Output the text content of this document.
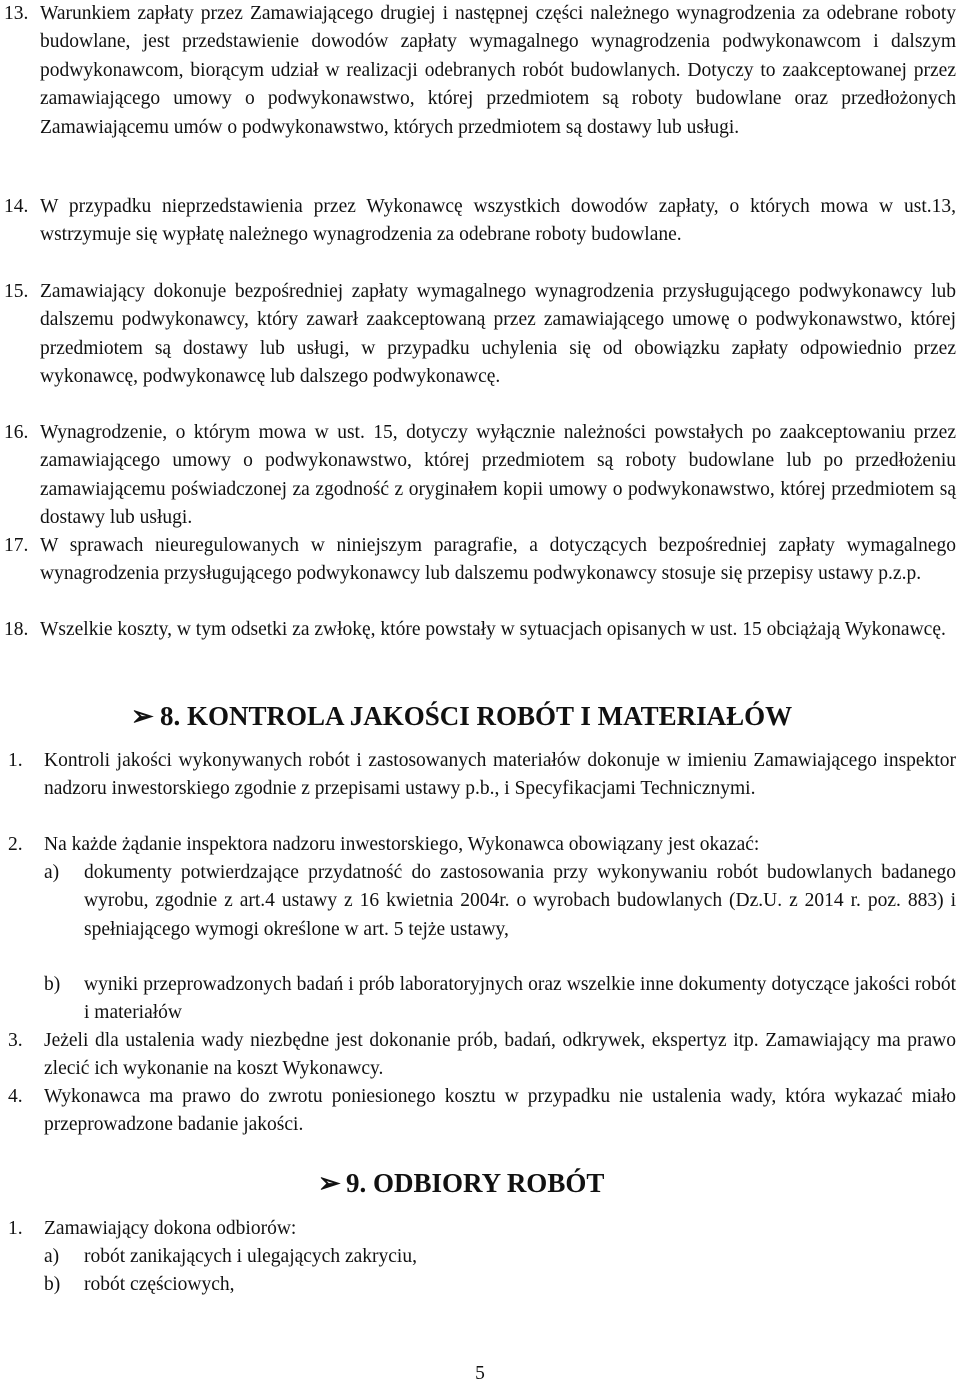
13. Warunkiem zapłaty przez Zamawiającego drugiej i następnej części należnego wynagrodzenia za odebrane roboty budowlane, jest przedstawienie dowodów zapłaty wymagalnego wynagrodzenia podwykonawcom i dalszym podwykonawcom, biorącym udział w realizacji odebranych robót budowlanych. Dotyczy to zaakceptowanej przez zamawiającego umowy o podwykonawstwo, której przedmiotem są roboty budowlane oraz przedłożonych Zamawiającemu umów o podwykonawstwo, których przedmiotem są dostawy lub usługi.
14. W przypadku nieprzedstawienia przez Wykonawcę wszystkich dowodów zapłaty, o których mowa w ust.13, wstrzymuje się wypłatę należnego wynagrodzenia za odebrane roboty budowlane.
15. Zamawiający dokonuje bezpośredniej zapłaty wymagalnego wynagrodzenia przysługującego podwykonawcy lub dalszemu podwykonawcy, który zawarł zaakceptowaną przez zamawiającego umowę o podwykonawstwo, której przedmiotem są dostawy lub usługi, w przypadku uchylenia się od obowiązku zapłaty odpowiednio przez wykonawcę, podwykonawcę lub dalszego podwykonawcę.
16. Wynagrodzenie, o którym mowa w ust. 15, dotyczy wyłącznie należności powstałych po zaakceptowaniu przez zamawiającego umowy o podwykonawstwo, której przedmiotem są roboty budowlane lub po przedłożeniu zamawiającemu poświadczonej za zgodność z oryginałem kopii umowy o podwykonawstwo, której przedmiotem są dostawy lub usługi.
17. W sprawach nieuregulowanych w niniejszym paragrafie, a dotyczących bezpośredniej zapłaty wymagalnego wynagrodzenia przysługującego podwykonawcy lub dalszemu podwykonawcy stosuje się przepisy ustawy p.z.p.
18. Wszelkie koszty, w tym odsetki za zwłokę, które powstały w sytuacjach opisanych w ust. 15 obciążają Wykonawcę.
➢ 8. KONTROLA JAKOŚCI ROBÓT I MATERIAŁÓW
1. Kontroli jakości wykonywanych robót i zastosowanych materiałów dokonuje w imieniu Zamawiającego inspektor nadzoru inwestorskiego zgodnie z przepisami ustawy p.b., i Specyfikacjami Technicznymi.
2. Na każde żądanie inspektora nadzoru inwestorskiego, Wykonawca obowiązany jest okazać:
a) dokumenty potwierdzające przydatność do zastosowania przy wykonywaniu robót budowlanych badanego wyrobu, zgodnie z art.4 ustawy z 16 kwietnia 2004r. o wyrobach budowlanych (Dz.U. z 2014 r. poz. 883) i spełniającego wymogi określone w art. 5 tejże ustawy,
b) wyniki przeprowadzonych badań i prób laboratoryjnych oraz wszelkie inne dokumenty dotyczące jakości robót i materiałów
3. Jeżeli dla ustalenia wady niezbędne jest dokonanie prób, badań, odkrywek, ekspertyz itp. Zamawiający ma prawo zlecić ich wykonanie na koszt Wykonawcy.
4. Wykonawca ma prawo do zwrotu poniesionego kosztu w przypadku nie ustalenia wady, która wykazać miało przeprowadzone badanie jakości.
➢ 9. ODBIORY ROBÓT
1. Zamawiający dokona odbiorów:
a) robót zanikających i ulegających zakryciu,
b) robót częściowych,
5
